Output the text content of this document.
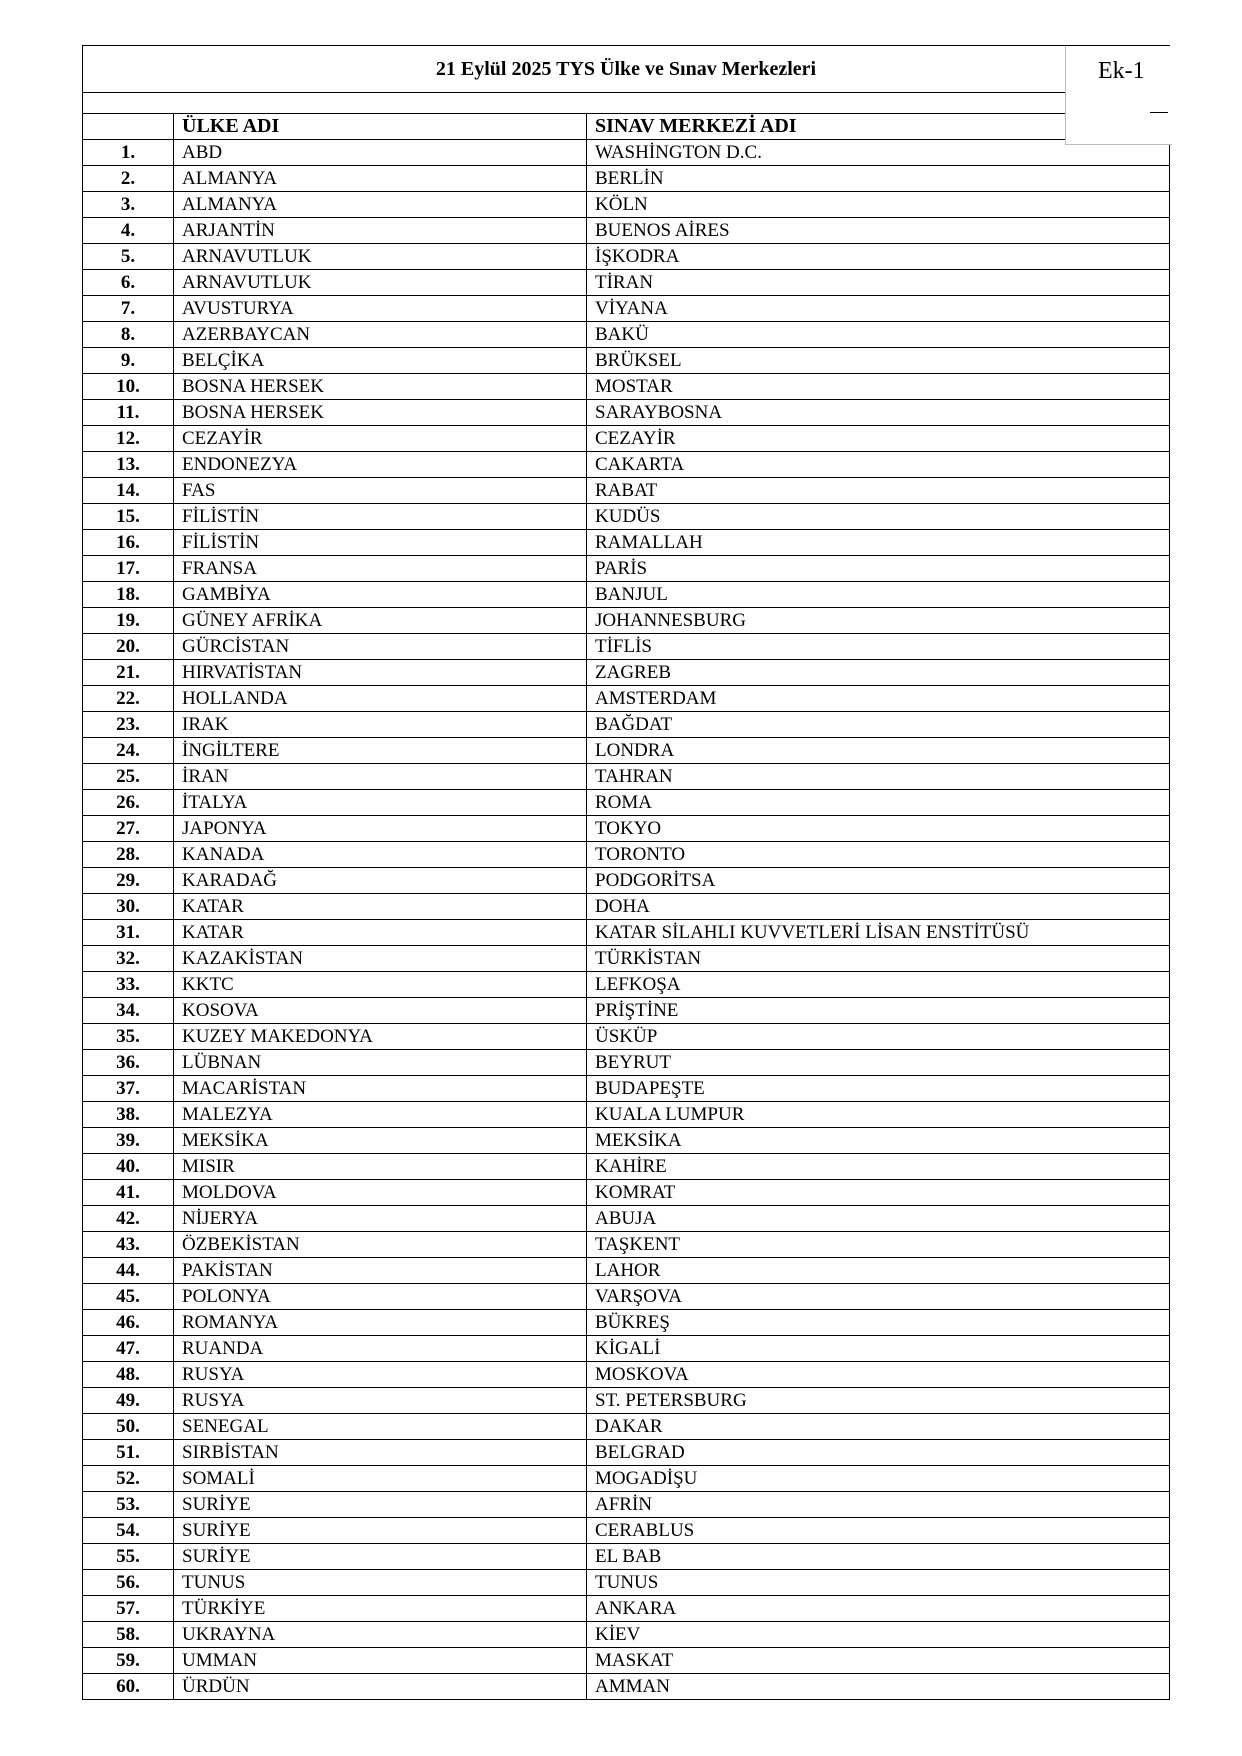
21 Eylül 2025 TYS Ülke ve Sınav Merkezleri		

	ÜLKE ADI	SINAV MERKEZİ ADI
1.	ABD	WASHİNGTON D.C.
2.	ALMANYA	BERLİN
3.	ALMANYA	KÖLN
4.	ARJANTİN	BUENOS AİRES
5.	ARNAVUTLUK	İŞKODRA
6.	ARNAVUTLUK	TİRAN
7.	AVUSTURYA	VİYANA
8.	AZERBAYCAN	BAKÜ
9.	BELÇİKA	BRÜKSEL
10.	BOSNA HERSEK	MOSTAR
11.	BOSNA HERSEK	SARAYBOSNA
12.	CEZAYİR	CEZAYİR
13.	ENDONEZYA	CAKARTA
14.	FAS	RABAT
15.	FİLİSTİN	KUDÜS
16.	FİLİSTİN	RAMALLAH
17.	FRANSA	PARİS
18.	GAMBİYA	BANJUL
19.	GÜNEY AFRİKA	JOHANNESBURG
20.	GÜRCİSTAN	TİFLİS
21.	HIRVATİSTAN	ZAGREB
22.	HOLLANDA	AMSTERDAM
23.	IRAK	BAĞDAT
24.	İNGİLTERE	LONDRA
25.	İRAN	TAHRAN
26.	İTALYA	ROMA
27.	JAPONYA	TOKYO
28.	KANADA	TORONTO
29.	KARADAĞ	PODGORİTSA
30.	KATAR	DOHA
31.	KATAR	KATAR SİLAHLI KUVVETLERİ LİSAN ENSTİTÜSÜ
32.	KAZAKİSTAN	TÜRKİSTAN
33.	KKTC	LEFKOŞA
34.	KOSOVA	PRİŞTİNE
35.	KUZEY MAKEDONYA	ÜSKÜP
36.	LÜBNAN	BEYRUT
37.	MACARİSTAN	BUDAPEŞTE
38.	MALEZYA	KUALA LUMPUR
39.	MEKSİKA	MEKSİKA
40.	MISIR	KAHİRE
41.	MOLDOVA	KOMRAT
42.	NİJERYA	ABUJA
43.	ÖZBEKİSTAN	TAŞKENT
44.	PAKİSTAN	LAHOR
45.	POLONYA	VARŞOVA
46.	ROMANYA	BÜKREŞ
47.	RUANDA	KİGALİ
48.	RUSYA	MOSKOVA
49.	RUSYA	ST. PETERSBURG
50.	SENEGAL	DAKAR
51.	SIRBİSTAN	BELGRAD
52.	SOMALİ	MOGADİŞU
53.	SURİYE	AFRİN
54.	SURİYE	CERABLUS
55.	SURİYE	EL BAB
56.	TUNUS	TUNUS
57.	TÜRKİYE	ANKARA
58.	UKRAYNA	KİEV
59.	UMMAN	MASKAT
60.	ÜRDÜN	AMMAN
Ek-1
